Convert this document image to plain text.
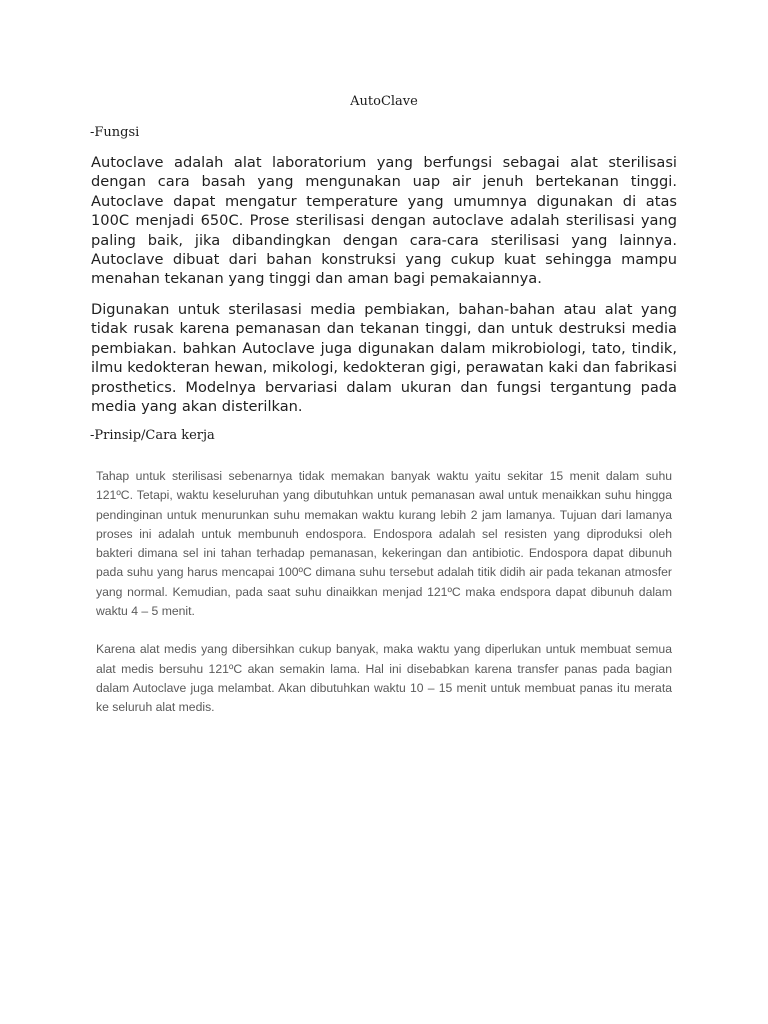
AutoClave
-Fungsi

Autoclave adalah alat laboratorium yang berfungsi sebagai alat sterilisasi dengan cara basah yang mengunakan uap air jenuh bertekanan tinggi. Autoclave dapat mengatur temperature yang umumnya digunakan di atas 100C menjadi 650C. Prose sterilisasi dengan autoclave adalah sterilisasi yang paling baik, jika dibandingkan dengan cara-cara sterilisasi yang lainnya. Autoclave dibuat dari bahan konstruksi yang cukup kuat sehingga mampu menahan tekanan yang tinggi dan aman bagi pemakaiannya.

Digunakan untuk sterilasasi media pembiakan, bahan-bahan atau alat yang tidak rusak karena pemanasan dan tekanan tinggi, dan untuk destruksi media pembiakan. bahkan Autoclave juga digunakan dalam mikrobiologi, tato, tindik, ilmu kedokteran hewan, mikologi, kedokteran gigi, perawatan kaki dan fabrikasi prosthetics. Modelnya bervariasi dalam ukuran dan fungsi tergantung pada media yang akan disterilkan.

-Prinsip/Cara kerja

Tahap untuk sterilisasi sebenarnya tidak memakan banyak waktu yaitu sekitar 15 menit dalam suhu 121ºC. Tetapi, waktu keseluruhan yang dibutuhkan untuk pemanasan awal untuk menaikkan suhu hingga pendinginan untuk menurunkan suhu memakan waktu kurang lebih 2 jam lamanya. Tujuan dari lamanya proses ini adalah untuk membunuh endospora. Endospora adalah sel resisten yang diproduksi oleh bakteri dimana sel ini tahan terhadap pemanasan, kekeringan dan antibiotic. Endospora dapat dibunuh pada suhu yang harus mencapai 100ºC dimana suhu tersebut adalah titik didih air pada tekanan atmosfer yang normal. Kemudian, pada saat suhu dinaikkan menjad 121ºC maka endspora dapat dibunuh dalam waktu 4 – 5 menit.

Karena alat medis yang dibersihkan cukup banyak, maka waktu yang diperlukan untuk membuat semua alat medis bersuhu 121ºC akan semakin lama. Hal ini disebabkan karena transfer panas pada bagian dalam Autoclave juga melambat. Akan dibutuhkan waktu 10 – 15 menit untuk membuat panas itu merata ke seluruh alat medis.
